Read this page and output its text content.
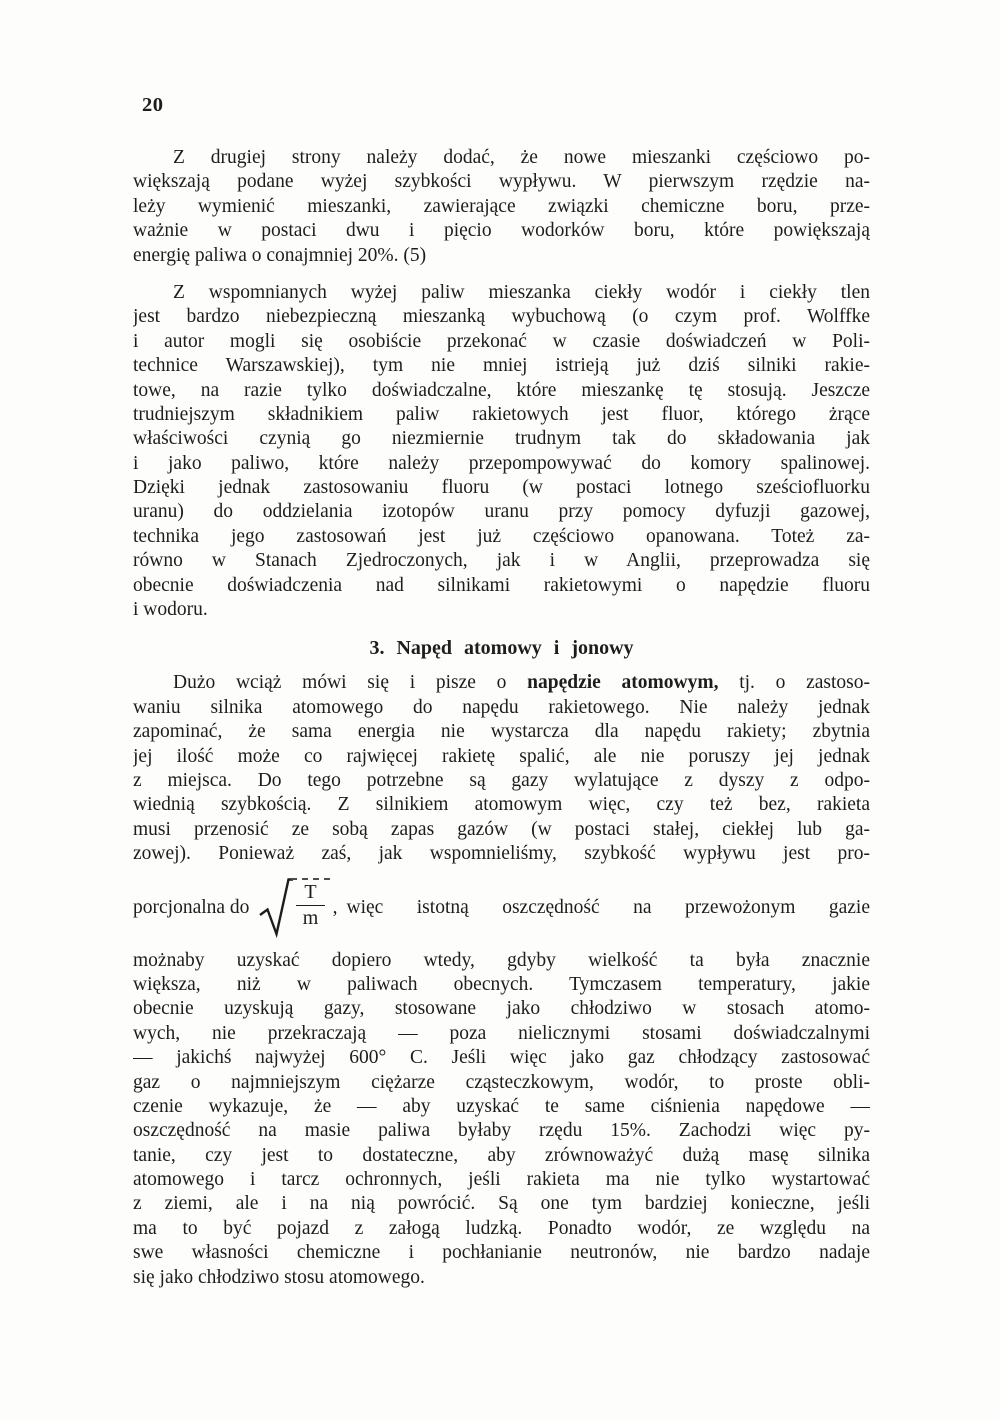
20
Z drugiej strony należy dodać, że nowe mieszanki częściowo po-
większają podane wyżej szybkości wypływu. W pierwszym rzędzie na-
leży wymienić mieszanki, zawierające związki chemiczne boru, prze-
ważnie w postaci dwu i pięcio wodorków boru, które powiększają
energię paliwa o conajmniej 20%. (5)
Z wspomnianych wyżej paliw mieszanka ciekły wodór i ciekły tlen
jest bardzo niebezpieczną mieszanką wybuchową (o czym prof. Wolffke
i autor mogli się osobiście przekonać w czasie doświadczeń w Poli-
technice Warszawskiej), tym nie mniej istrieją już dziś silniki rakie-
towe, na razie tylko doświadczalne, które mieszankę tę stosują. Jeszcze
trudniejszym składnikiem paliw rakietowych jest fluor, którego żrące
właściwości czynią go niezmiernie trudnym tak do składowania jak
i jako paliwo, które należy przepompowywać do komory spalinowej.
Dzięki jednak zastosowaniu fluoru (w postaci lotnego sześciofluorku
uranu) do oddzielania izotopów uranu przy pomocy dyfuzji gazowej,
technika jego zastosowań jest już częściowo opanowana. Toteż za-
równo w Stanach Zjedroczonych, jak i w Anglii, przeprowadza się
obecnie doświadczenia nad silnikami rakietowymi o napędzie fluoru
i wodoru.
3. Napęd atomowy i jonowy
Dużo wciąż mówi się i pisze o napędzie atomowym, tj. o zastoso-
waniu silnika atomowego do napędu rakietowego. Nie należy jednak
zapominać, że sama energia nie wystarcza dla napędu rakiety; zbytnia
jej ilość może co rajwięcej rakietę spalić, ale nie poruszy jej jednak
z miejsca. Do tego potrzebne są gazy wylatujące z dyszy z odpo-
wiednią szybkością. Z silnikiem atomowym więc, czy też bez, rakieta
musi przenosić ze sobą zapas gazów (w postaci stałej, ciekłej lub ga-
zowej). Ponieważ zaś, jak wspomnieliśmy, szybkość wypływu jest pro-
porcjonalna do $\frac{T}{m}$ , więc istotną oszczędność na przewożonym gazie
możnaby uzyskać dopiero wtedy, gdyby wielkość ta była znacznie
większa, niż w paliwach obecnych. Tymczasem temperatury, jakie
obecnie uzyskują gazy, stosowane jako chłodziwo w stosach atomo-
wych, nie przekraczają — poza nielicznymi stosami doświadczalnymi
— jakichś najwyżej 600° C. Jeśli więc jako gaz chłodzący zastosować
gaz o najmniejszym ciężarze cząsteczkowym, wodór, to proste obli-
czenie wykazuje, że — aby uzyskać te same ciśnienia napędowe —
oszczędność na masie paliwa byłaby rzędu 15%. Zachodzi więc py-
tanie, czy jest to dostateczne, aby zrównoważyć dużą masę silnika
atomowego i tarcz ochronnych, jeśli rakieta ma nie tylko wystartować
z ziemi, ale i na nią powrócić. Są one tym bardziej konieczne, jeśli
ma to być pojazd z załogą ludzką. Ponadto wodór, ze względu na
swe własności chemiczne i pochłanianie neutronów, nie bardzo nadaje
się jako chłodziwo stosu atomowego.
